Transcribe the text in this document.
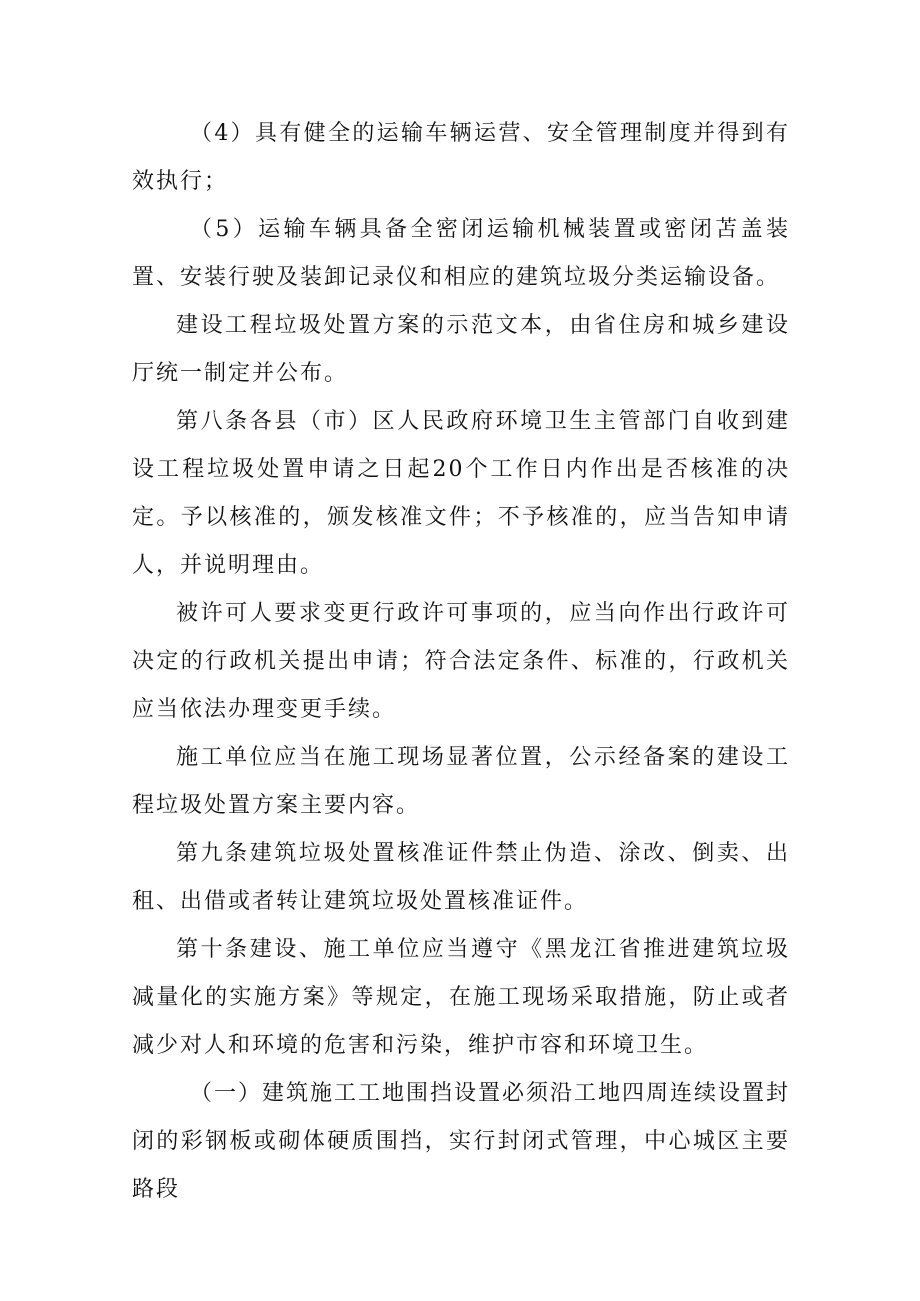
（4）具有健全的运输车辆运营、安全管理制度并得到有效执行；

（5）运输车辆具备全密闭运输机械装置或密闭苫盖装置、安装行驶及装卸记录仪和相应的建筑垃圾分类运输设备。

建设工程垃圾处置方案的示范文本，由省住房和城乡建设厅统一制定并公布。

第八条各县（市）区人民政府环境卫生主管部门自收到建设工程垃圾处置申请之日起20个工作日内作出是否核准的决定。予以核准的，颁发核准文件；不予核准的，应当告知申请人，并说明理由。

被许可人要求变更行政许可事项的，应当向作出行政许可决定的行政机关提出申请；符合法定条件、标准的，行政机关应当依法办理变更手续。

施工单位应当在施工现场显著位置，公示经备案的建设工程垃圾处置方案主要内容。

第九条建筑垃圾处置核准证件禁止伪造、涂改、倒卖、出租、出借或者转让建筑垃圾处置核准证件。

第十条建设、施工单位应当遵守《黑龙江省推进建筑垃圾减量化的实施方案》等规定，在施工现场采取措施，防止或者减少对人和环境的危害和污染，维护市容和环境卫生。

（一）建筑施工工地围挡设置必须沿工地四周连续设置封闭的彩钢板或砌体硬质围挡，实行封闭式管理，中心城区主要路段
